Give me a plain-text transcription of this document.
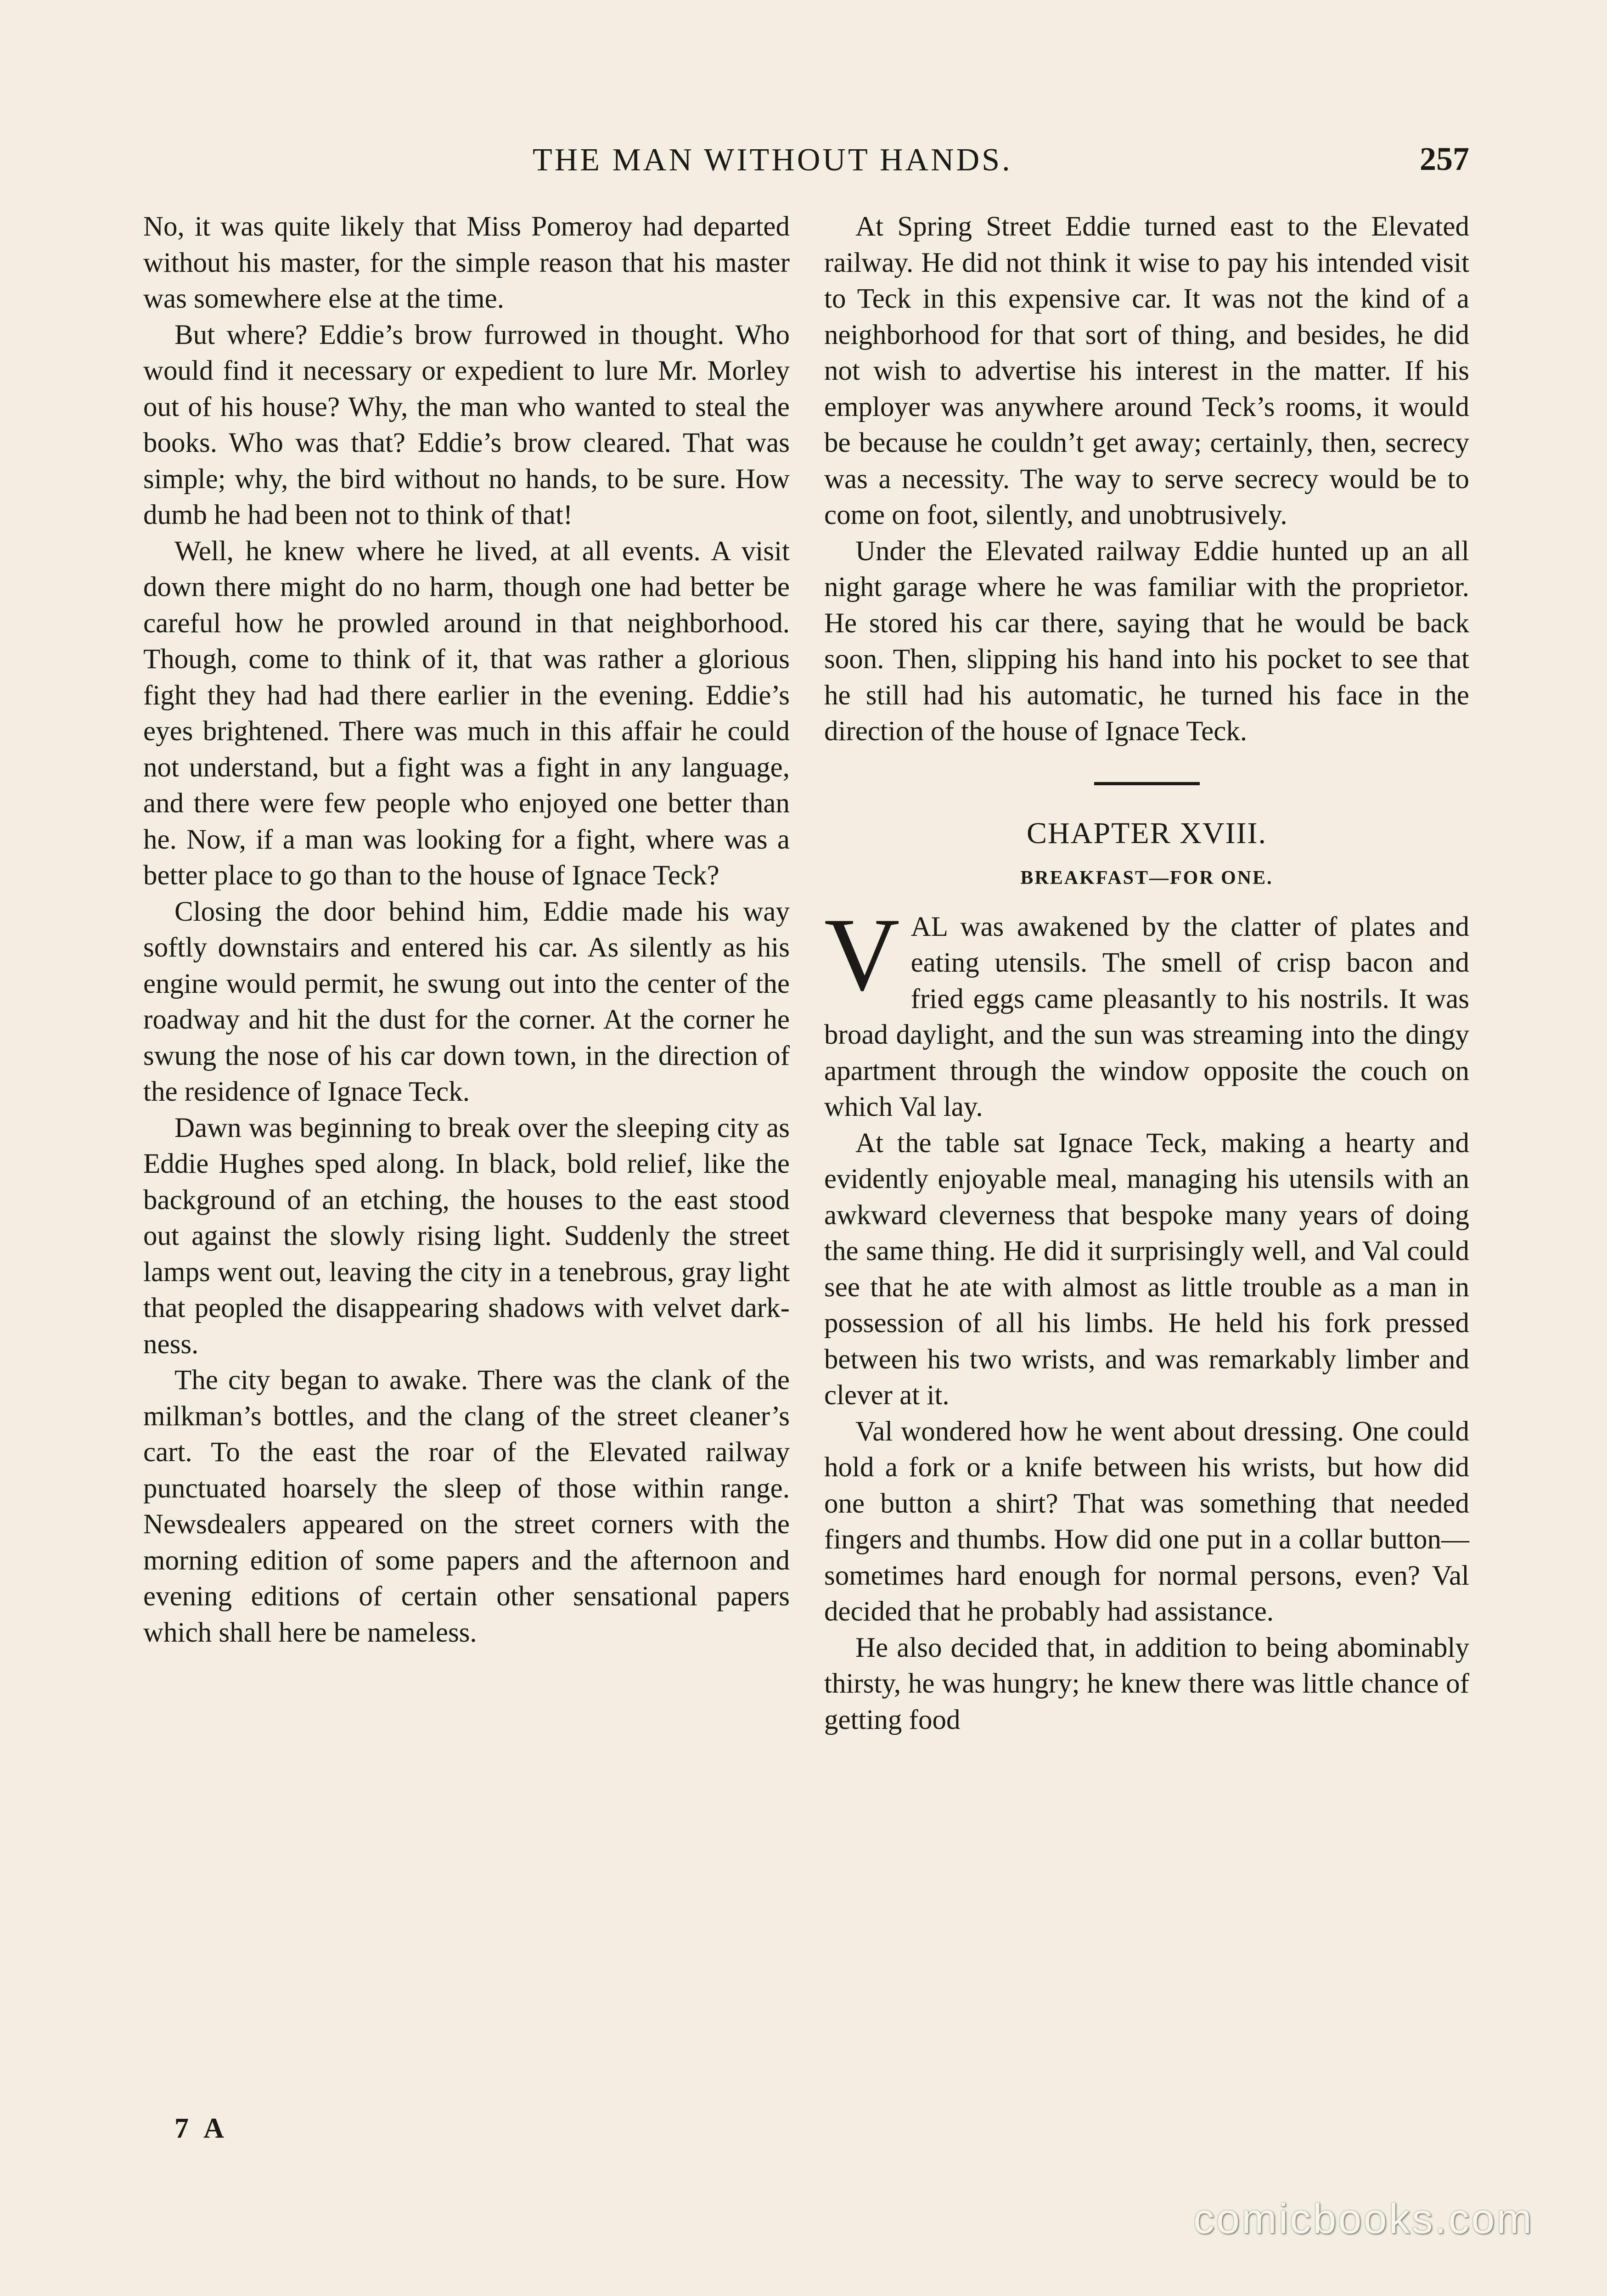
THE MAN WITHOUT HANDS.	257

No, it was quite likely that Miss Pomeroy had departed without his master, for the simple reason that his master was somewhere else at the time.

But where? Eddie’s brow furrowed in thought. Who would find it necessary or expedient to lure Mr. Morley out of his house? Why, the man who wanted to steal the books. Who was that? Eddie’s brow cleared. That was simple; why, the bird without no hands, to be sure. How dumb he had been not to think of that!

Well, he knew where he lived, at all events. A visit down there might do no harm, though one had better be careful how he prowled around in that neighborhood. Though, come to think of it, that was rather a glorious fight they had had there earlier in the evening. Eddie’s eyes brightened. There was much in this affair he could not understand, but a fight was a fight in any language, and there were few people who enjoyed one better than he. Now, if a man was looking for a fight, where was a better place to go than to the house of Ignace Teck?

Closing the door behind him, Eddie made his way softly downstairs and entered his car. As silently as his engine would permit, he swung out into the center of the roadway and hit the dust for the corner. At the corner he swung the nose of his car down town, in the direction of the residence of Ignace Teck.

Dawn was beginning to break over the sleeping city as Eddie Hughes sped along. In black, bold relief, like the background of an etching, the houses to the east stood out against the slowly rising light. Suddenly the street lamps went out, leaving the city in a tenebrous, gray light that peopled the disappearing shadows with velvet darkness.

The city began to awake. There was the clank of the milkman’s bottles, and the clang of the street cleaner’s cart. To the east the roar of the Elevated railway punctuated hoarsely the sleep of those within range. Newsdealers appeared on the street corners with the morning edition of some papers and the afternoon and evening editions of certain other sensational papers which shall here be nameless.

At Spring Street Eddie turned east to the Elevated railway. He did not think it wise to pay his intended visit to Teck in this expensive car. It was not the kind of a neighborhood for that sort of thing, and besides, he did not wish to advertise his interest in the matter. If his employer was anywhere around Teck’s rooms, it would be because he couldn’t get away; certainly, then, secrecy was a necessity. The way to serve secrecy would be to come on foot, silently, and unobtrusively.

Under the Elevated railway Eddie hunted up an all night garage where he was familiar with the proprietor. He stored his car there, saying that he would be back soon. Then, slipping his hand into his pocket to see that he still had his automatic, he turned his face in the direction of the house of Ignace Teck.

CHAPTER XVIII.
BREAKFAST—FOR ONE.

VAL was awakened by the clatter of plates and eating utensils. The smell of crisp bacon and fried eggs came pleasantly to his nostrils. It was broad daylight, and the sun was streaming into the dingy apartment through the window opposite the couch on which Val lay.

At the table sat Ignace Teck, making a hearty and evidently enjoyable meal, managing his utensils with an awkward cleverness that bespoke many years of doing the same thing. He did it surprisingly well, and Val could see that he ate with almost as little trouble as a man in possession of all his limbs. He held his fork pressed between his two wrists, and was remarkably limber and clever at it.

Val wondered how he went about dressing. One could hold a fork or a knife between his wrists, but how did one button a shirt? That was something that needed fingers and thumbs. How did one put in a collar button—sometimes hard enough for normal persons, even? Val decided that he probably had assistance.

He also decided that, in addition to being abominably thirsty, he was hungry; he knew there was little chance of getting food

7 A
comicbooks.com
